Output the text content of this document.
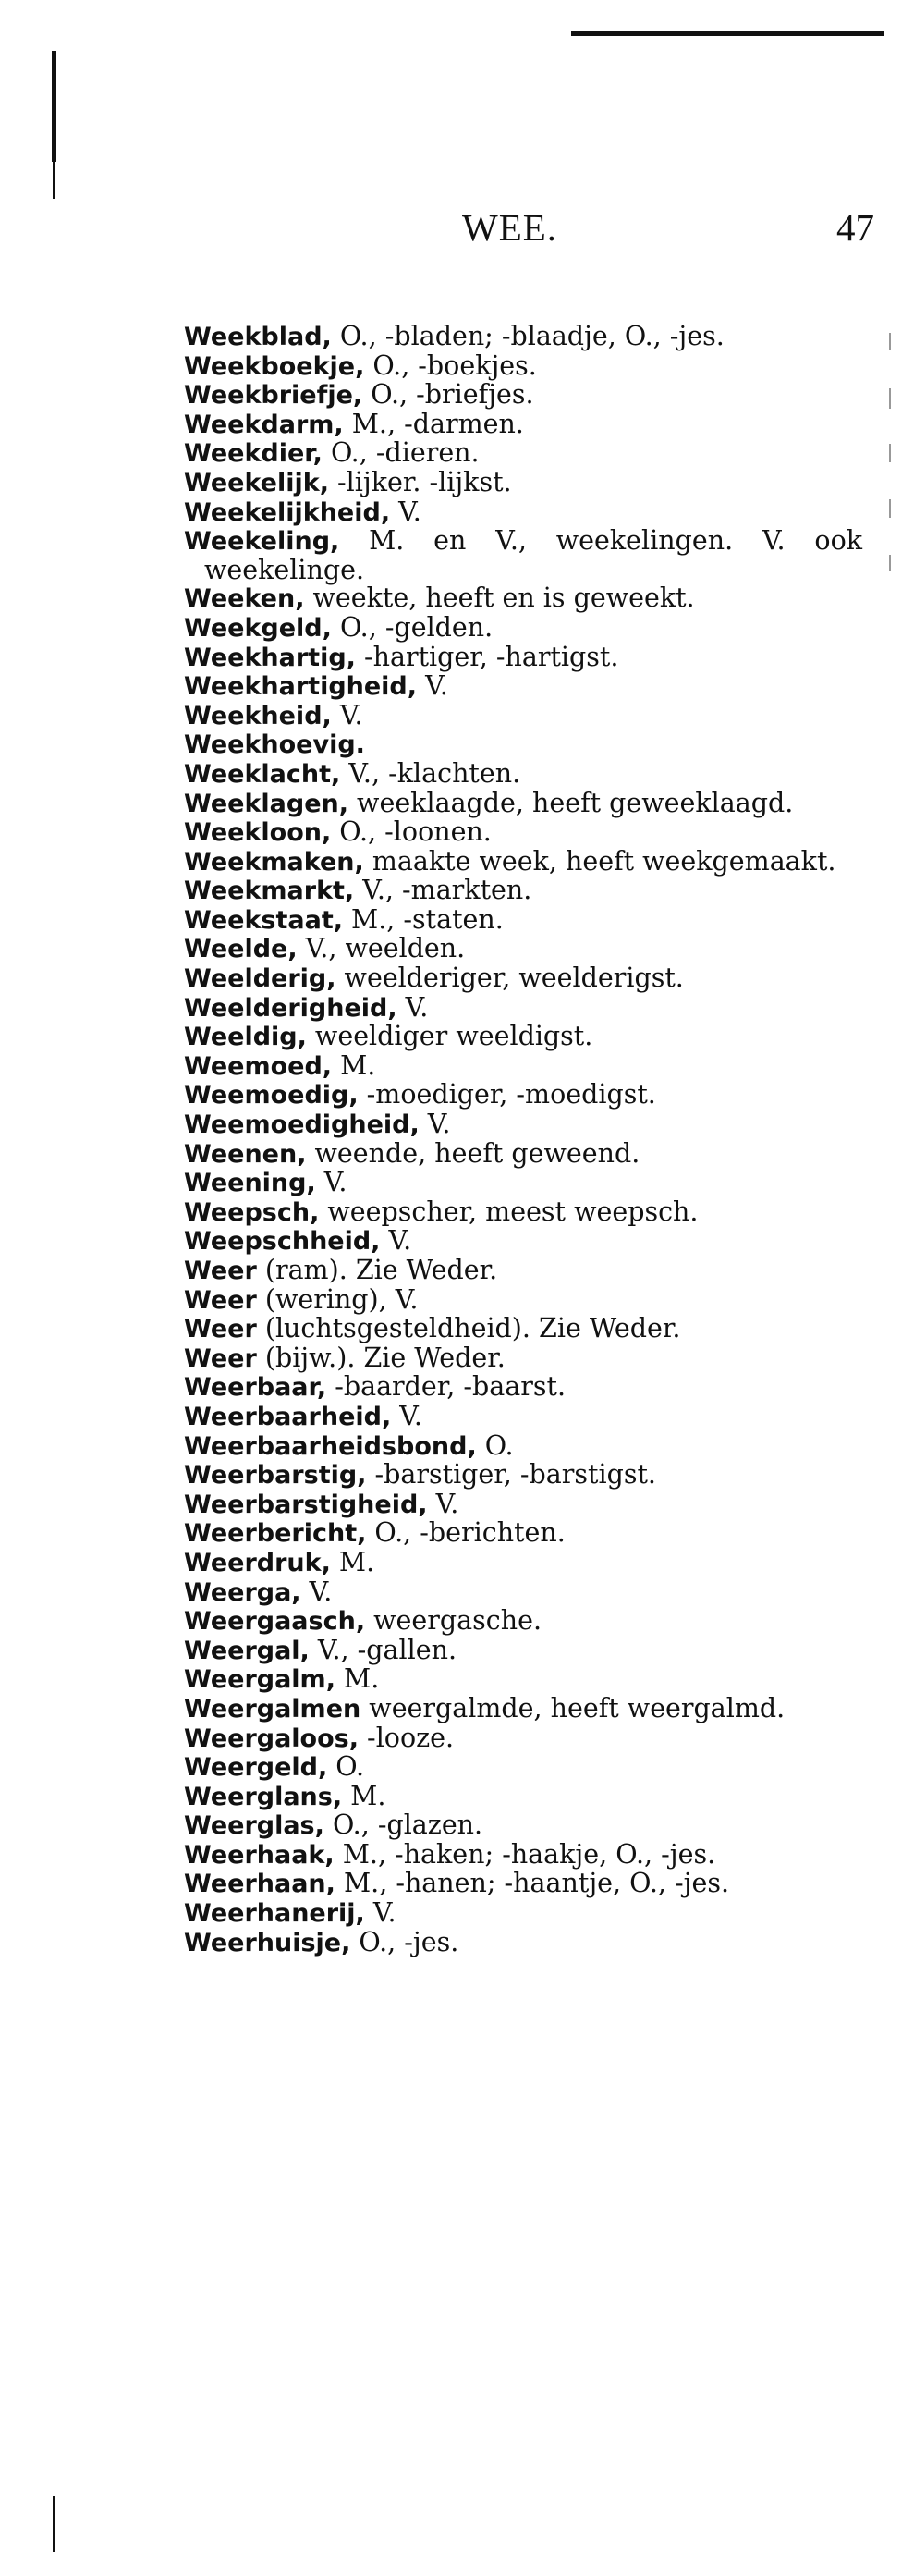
WEE.	47
Weekblad, O., -bladen; -blaadje, O., -jes.
Weekboekje, O., -boekjes.
Weekbriefje, O., -briefjes.
Weekdarm, M., -darmen.
Weekdier, O., -dieren.
Weekelijk, -lijker. -lijkst.
Weekelijkheid, V.
Weekeling, M. en V., weekelingen. V. ook weekelinge.
Weeken, weekte, heeft en is geweekt.
Weekgeld, O., -gelden.
Weekhartig, -hartiger, -hartigst.
Weekhartigheid, V.
Weekheid, V.
Weekhoevig.
Weeklacht, V., -klachten.
Weeklagen, weeklaagde, heeft geweeklaagd.
Weekloon, O., -loonen.
Weekmaken, maakte week, heeft weekgemaakt.
Weekmarkt, V., -markten.
Weekstaat, M., -staten.
Weelde, V., weelden.
Weelderig, weelderiger, weelderigst.
Weelderigheid, V.
Weeldig, weeldiger weeldigst.
Weemoed, M.
Weemoedig, -moediger, -moedigst.
Weemoedigheid, V.
Weenen, weende, heeft geweend.
Weening, V.
Weepsch, weepscher, meest weepsch.
Weepschheid, V.
Weer (ram). Zie Weder.
Weer (wering), V.
Weer (luchtsgesteldheid). Zie Weder.
Weer (bijw.). Zie Weder.
Weerbaar, -baarder, -baarst.
Weerbaarheid, V.
Weerbaarheidsbond, O.
Weerbarstig, -barstiger, -barstigst.
Weerbarstigheid, V.
Weerbericht, O., -berichten.
Weerdruk, M.
Weerga, V.
Weergaasch, weergasche.
Weergal, V., -gallen.
Weergalm, M.
Weergalmen weergalmde, heeft weergalmd.
Weergaloos, -looze.
Weergeld, O.
Weerglans, M.
Weerglas, O., -glazen.
Weerhaak, M., -haken; -haakje, O., -jes.
Weerhaan, M., -hanen; -haantje, O., -jes.
Weerhanerij, V.
Weerhuisje, O., -jes.
